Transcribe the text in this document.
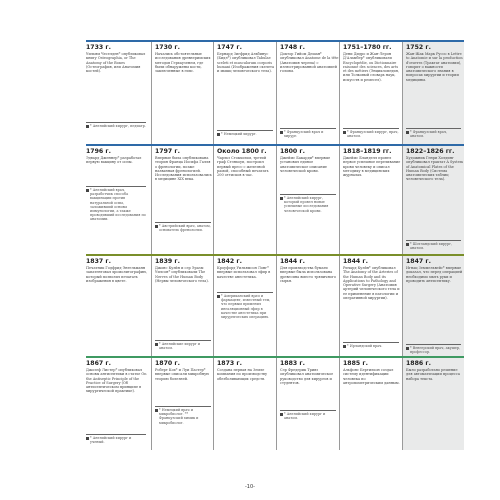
1733 г.
Уильям Чеселден* опубликовал книгу Osteographia, or The Anatomy of the Bones (Остеография, или Анатомия костей).
* Английский хирург, педиатр.
1730 г.
Начались обстоятельные исследования древнеримских методов Герхаузенем, где были обнаружены кости, заключенные в гипс.
1747 г.
Бернард Зигфрид Альбинус (Бидл*) опубликовал Tabulae sceleti et musculorum corporis humani (Изображения скелета и мышц человеческого тела).
* Немецкий хирург.
1748 г.
Доктор Гийом Дешан* опубликовал Anatome de la tête (Анатомия черепа) с иллюстрированной анатомией головы.
* Французский врач и хирург.
1751–1780 гг.
Дени Дидро и Жан-Лерон Д'Аламбер* опубликовали Encyclopédie, ou Dictionnaire raisonné des sciences, des arts et des métiers (Энциклопедия, или Толковый словарь наук, искусств и ремесел).
* Французский хирург, врач, анатом.
1752 г.
Жан-Жак Марк Руссо в Lettre to Anatomie и sur la production d'œuvres (Трактат анатомии), говорит о важности анатомического знания в вопросах хирургии и теории медицины.
* Французский врач, анатом.
1796 г.
Эдвард Дженнер* разработал первую вакцину от оспы.
* Английский врач, разработчик способа вакцинации против натуральной оспы, заложивший основы иммунологии, а также проводивший исследования по анатомии.
1797 г.
Впервые была опубликована теория Франца Иосифа Галля о френологии, позже названная френологией. Исследования использовались в медицине XIX века.
* Австрийский врач, анатом, основатель френологии.
Около 1800 г.
Чарльз Стокхольм, третий граф Стэнхоуп, построил первый пресс с железной рамой, способный печатать 200 оттисков в час.
1800 г.
Джеймс Бакарди* впервые установил единое анатомическое описание человеческой крови.
* Английский хирург, который провел новые успешные исследования человеческой крови.
1818–1819 гг.
Джеймс Бланделл провел первое успешное переливание крови человеку и описал методику в медицинских журналах.
1822–1826 гг.
Художник Генри Холдинг опубликовал трактат A System of Anatomical Plates of the Human Body (Система анатомических таблиц человеческого тела).
* Шотландский хирург, анатом.
1837 г.
Печатник Годфрид Энгельманн запатентовал хромолитографию, который позволил печатать изображения в цвете.
1839 г.
Джонс Куэйн и сэр Эразм Уилсон* опубликовали The Nerves of the Human Body (Нервы человеческого тела).
* Английские хирург и анатом.
1842 г.
Кроуфорд Уильямсон Лонг* впервые использовал эфир в качестве анестетика.
* Американский врач и фармацевт, известный тем, что первым применил ингаляционный эфир в качестве анестетика при хирургических операциях.
1844 г.
Для производства бумаги впервые была использована древесина вместо тряпичного сырья.
1844 г.
Ричард Куэйн* опубликовал The Anatomy of the Arteries of the Human Body and its Applications to Pathology and Operative Surgery (Анатомия артерий человеческого тела и ее применение в патологии и оперативной хирургии).
* Ирландский врач.
1847 г.
Игнац Земмельвейс* впервые доказал, что перед операцией необходимо мыть руки и проводить антисептику.
* Венгерский врач, акушер, профессор.
1867 г.
Джозеф Листер* опубликовал основы антисептики в статье On the Antiseptic Principle of the Practice of Surgery (Об антисептическом принципе в хирургической практике).
* Английский хирург и ученый.
1870 г.
Роберт Кох* и Луи Пастер* впервые описали микробную теорию болезней.
* Немецкий врач и микробиолог. ** Французский химик и микробиолог.
1873 г.
Создана первая на Земле компания по производству обезболивающих средств.
1883 г.
Сэр Фредерик Тривз опубликовал анатомическое руководство для хирургов и студентов.
* Английский хирург и анатом.
1885 г.
Альфонс Бертильон создал систему идентификации человека по антропометрическим данным.
1886 г.
Было разработано решение для автоматизации процесса набора текста.
-10-
